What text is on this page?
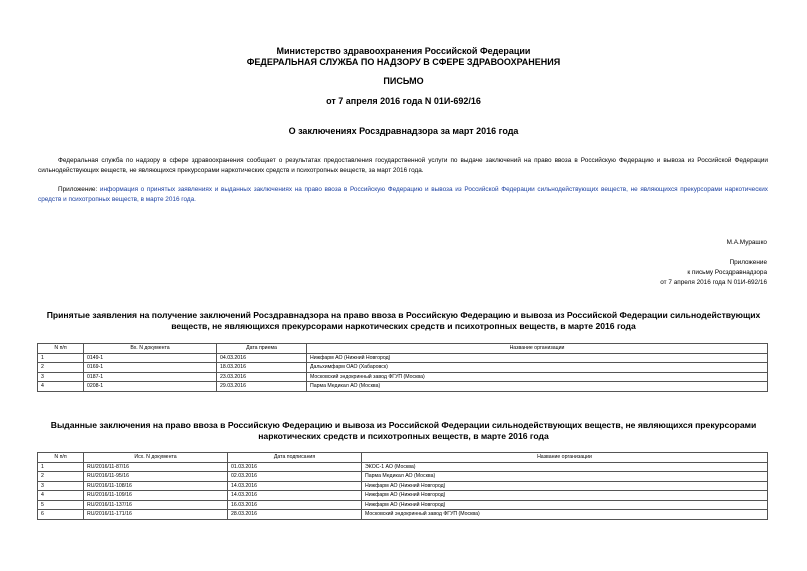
Министерство здравоохранения Российской Федерации
ФЕДЕРАЛЬНАЯ СЛУЖБА ПО НАДЗОРУ В СФЕРЕ ЗДРАВООХРАНЕНИЯ
ПИСЬМО
от 7 апреля 2016 года N 01И-692/16
О заключениях Росздравнадзора за март 2016 года
Федеральная служба по надзору в сфере здравоохранения сообщает о результатах предоставления государственной услуги по выдаче заключений на право ввоза в Российскую Федерацию и вывоза из Российской Федерации сильнодействующих веществ, не являющихся прекурсорами наркотических средств и психотропных веществ, за март 2016 года.
Приложение: информация о принятых заявлениях и выданных заключениях на право ввоза в Российскую Федерацию и вывоза из Российской Федерации сильнодействующих веществ, не являющихся прекурсорами наркотических средств и психотропных веществ, в марте 2016 года.
М.А.Мурашко
Приложение
к письму Росздравнадзора
от 7 апреля 2016 года N 01И-692/16
Принятые заявления на получение заключений Росздравнадзора на право ввоза в Российскую Федерацию и вывоза из Российской Федерации сильнодействующих веществ, не являющихся прекурсорами наркотических средств и психотропных веществ, в марте 2016 года
N п/п	Вх. N документа	Дата приема	Название организации
1	0149-1	04.03.2016	Нижфарм АО (Нижний Новгород)
2	0169-1	18.03.2016	Дальхимфарм ОАО (Хабаровск)
3	0187-1	23.03.2016	Московский эндокринный завод ФГУП (Москва)
4	0208-1	29.03.2016	Парма Медикал АО (Москва)
Выданные заключения на право ввоза в Российскую Федерацию и вывоза из Российской Федерации сильнодействующих веществ, не являющихся прекурсорами наркотических средств и психотропных веществ, в марте 2016 года
N п/п	Исх. N документа	Дата подписания	Название организации
1	RU/2016/11-87/16	01.03.2016	ЭКОС-1 АО (Москва)
2	RU/2016/11-95/16	02.03.2016	Парма Медикал АО (Москва)
3	RU/2016/11-108/16	14.03.2016	Нижфарм АО (Нижний Новгород)
4	RU/2016/11-109/16	14.03.2016	Нижфарм АО (Нижний Новгород)
5	RU/2016/11-137/16	16.03.2016	Нижфарм АО (Нижний Новгород)
6	RU/2016/11-171/16	28.03.2016	Московский эндокринный завод ФГУП (Москва)
